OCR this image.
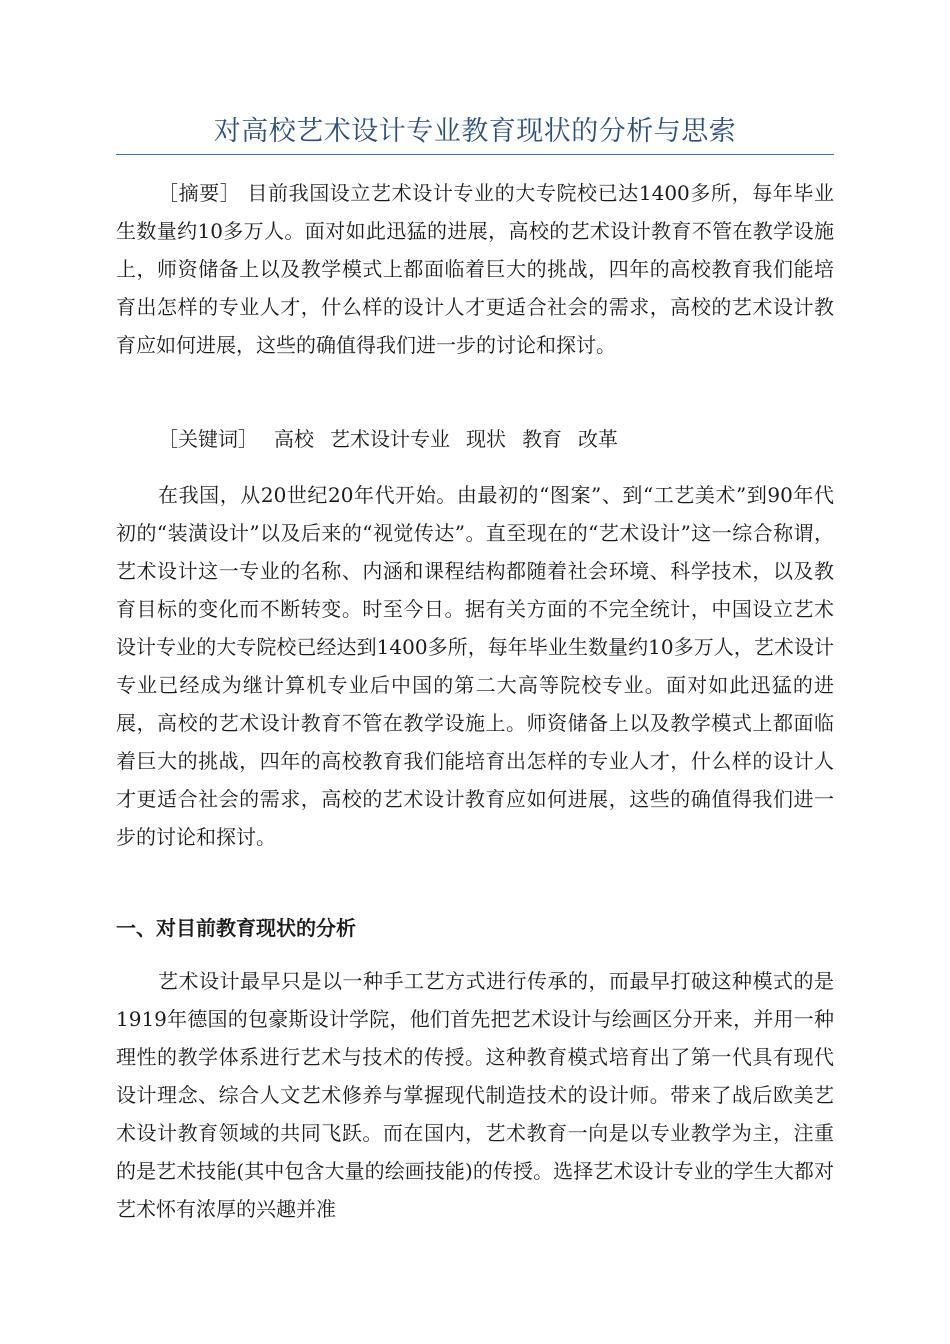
对高校艺术设计专业教育现状的分析与思索

［摘要］ 目前我国设立艺术设计专业的大专院校已达1400多所，每年毕业生数量约10多万人。面对如此迅猛的进展，高校的艺术设计教育不管在教学设施上，师资储备上以及教学模式上都面临着巨大的挑战，四年的高校教育我们能培育出怎样的专业人才，什么样的设计人才更适合社会的需求，高校的艺术设计教育应如何进展，这些的确值得我们进一步的讨论和探讨。

［关键词］ 高校 艺术设计专业 现状 教育 改革

在我国，从20世纪20年代开始。由最初的“图案”、到“工艺美术”到90年代初的“装潢设计”以及后来的“视觉传达”。直至现在的“艺术设计”这一综合称谓，艺术设计这一专业的名称、内涵和课程结构都随着社会环境、科学技术，以及教育目标的变化而不断转变。时至今日。据有关方面的不完全统计，中国设立艺术设计专业的大专院校已经达到1400多所，每年毕业生数量约10多万人，艺术设计专业已经成为继计算机专业后中国的第二大高等院校专业。面对如此迅猛的进展，高校的艺术设计教育不管在教学设施上。师资储备上以及教学模式上都面临着巨大的挑战，四年的高校教育我们能培育出怎样的专业人才，什么样的设计人才更适合社会的需求，高校的艺术设计教育应如何进展，这些的确值得我们进一步的讨论和探讨。

一、对目前教育现状的分析

艺术设计最早只是以一种手工艺方式进行传承的，而最早打破这种模式的是1919年德国的包豪斯设计学院，他们首先把艺术设计与绘画区分开来，并用一种理性的教学体系进行艺术与技术的传授。这种教育模式培育出了第一代具有现代设计理念、综合人文艺术修养与掌握现代制造技术的设计师。带来了战后欧美艺术设计教育领域的共同飞跃。而在国内，艺术教育一向是以专业教学为主，注重的是艺术技能(其中包含大量的绘画技能)的传授。选择艺术设计专业的学生大都对艺术怀有浓厚的兴趣并准
